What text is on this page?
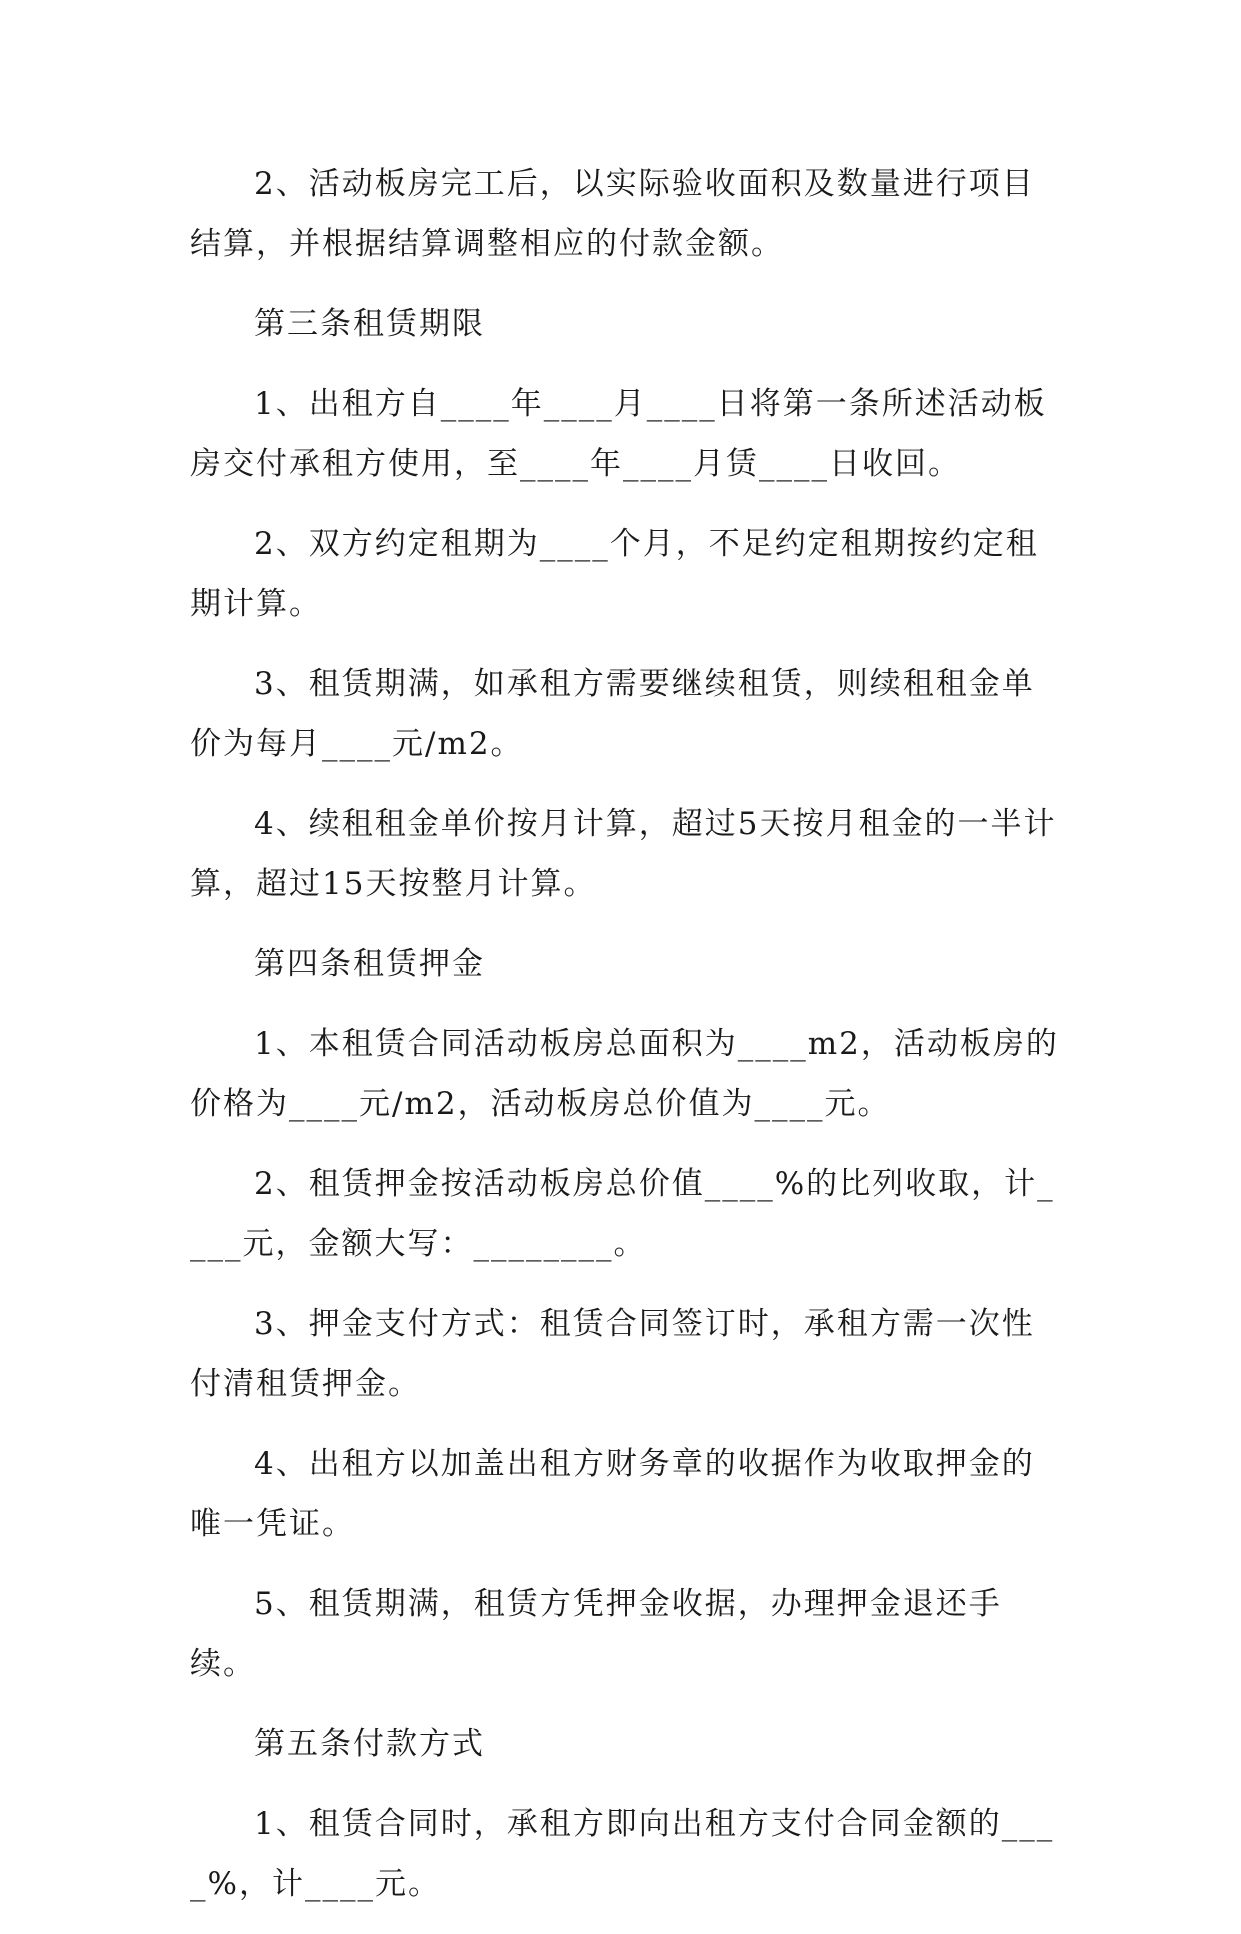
2、活动板房完工后，以实际验收面积及数量进行项目结算，并根据结算调整相应的付款金额。

第三条租赁期限

1、出租方自____年____月____日将第一条所述活动板房交付承租方使用，至____年____月赁____日收回。

2、双方约定租期为____个月，不足约定租期按约定租期计算。

3、租赁期满，如承租方需要继续租赁，则续租租金单价为每月____元/m2。

4、续租租金单价按月计算，超过5天按月租金的一半计算，超过15天按整月计算。

第四条租赁押金

1、本租赁合同活动板房总面积为____m2，活动板房的价格为____元/m2，活动板房总价值为____元。

2、租赁押金按活动板房总价值____%的比列收取，计____元，金额大写：________。

3、押金支付方式：租赁合同签订时，承租方需一次性付清租赁押金。

4、出租方以加盖出租方财务章的收据作为收取押金的唯一凭证。

5、租赁期满，租赁方凭押金收据，办理押金退还手续。

第五条付款方式

1、租赁合同时，承租方即向出租方支付合同金额的____%，计____元。
